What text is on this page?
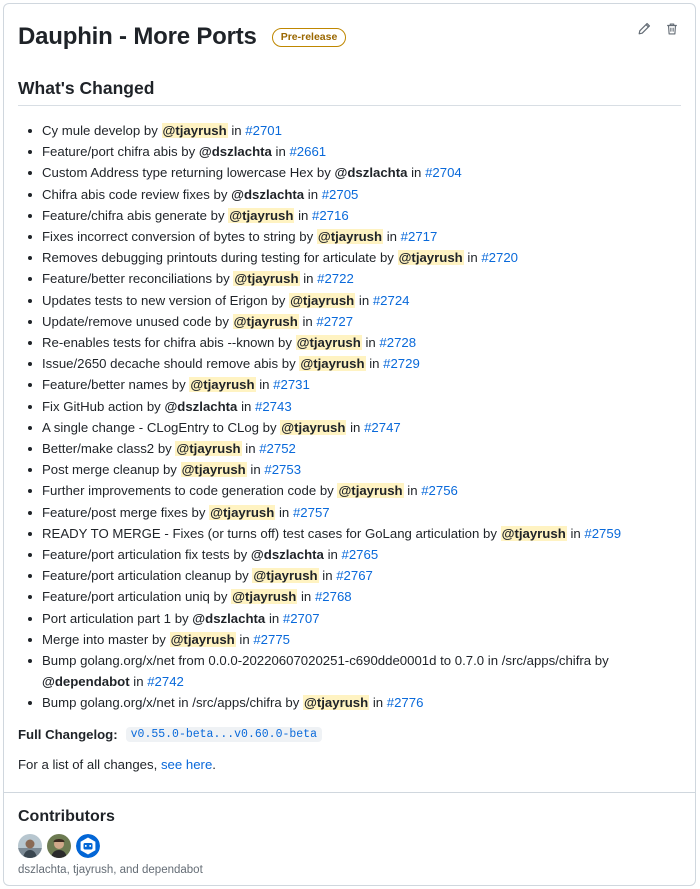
Dauphin - More Ports	Pre-release
What's Changed
Cy mule develop by @tjayrush in #2701
Feature/port chifra abis by @dszlachta in #2661
Custom Address type returning lowercase Hex by @dszlachta in #2704
Chifra abis code review fixes by @dszlachta in #2705
Feature/chifra abis generate by @tjayrush in #2716
Fixes incorrect conversion of bytes to string by @tjayrush in #2717
Removes debugging printouts during testing for articulate by @tjayrush in #2720
Feature/better reconciliations by @tjayrush in #2722
Updates tests to new version of Erigon by @tjayrush in #2724
Update/remove unused code by @tjayrush in #2727
Re-enables tests for chifra abis --known by @tjayrush in #2728
Issue/2650 decache should remove abis by @tjayrush in #2729
Feature/better names by @tjayrush in #2731
Fix GitHub action by @dszlachta in #2743
A single change - CLogEntry to CLog by @tjayrush in #2747
Better/make class2 by @tjayrush in #2752
Post merge cleanup by @tjayrush in #2753
Further improvements to code generation code by @tjayrush in #2756
Feature/post merge fixes by @tjayrush in #2757
READY TO MERGE - Fixes (or turns off) test cases for GoLang articulation by @tjayrush in #2759
Feature/port articulation fix tests by @dszlachta in #2765
Feature/port articulation cleanup by @tjayrush in #2767
Feature/port articulation uniq by @tjayrush in #2768
Port articulation part 1 by @dszlachta in #2707
Merge into master by @tjayrush in #2775
Bump golang.org/x/net from 0.0.0-20220607020251-c690dde0001d to 0.7.0 in /src/apps/chifra by @dependabot in #2742
Bump golang.org/x/net in /src/apps/chifra by @tjayrush in #2776
Full Changelog:	v0.55.0-beta...v0.60.0-beta

For a list of all changes, see here.

Contributors
dszlachta, tjayrush, and dependabot
